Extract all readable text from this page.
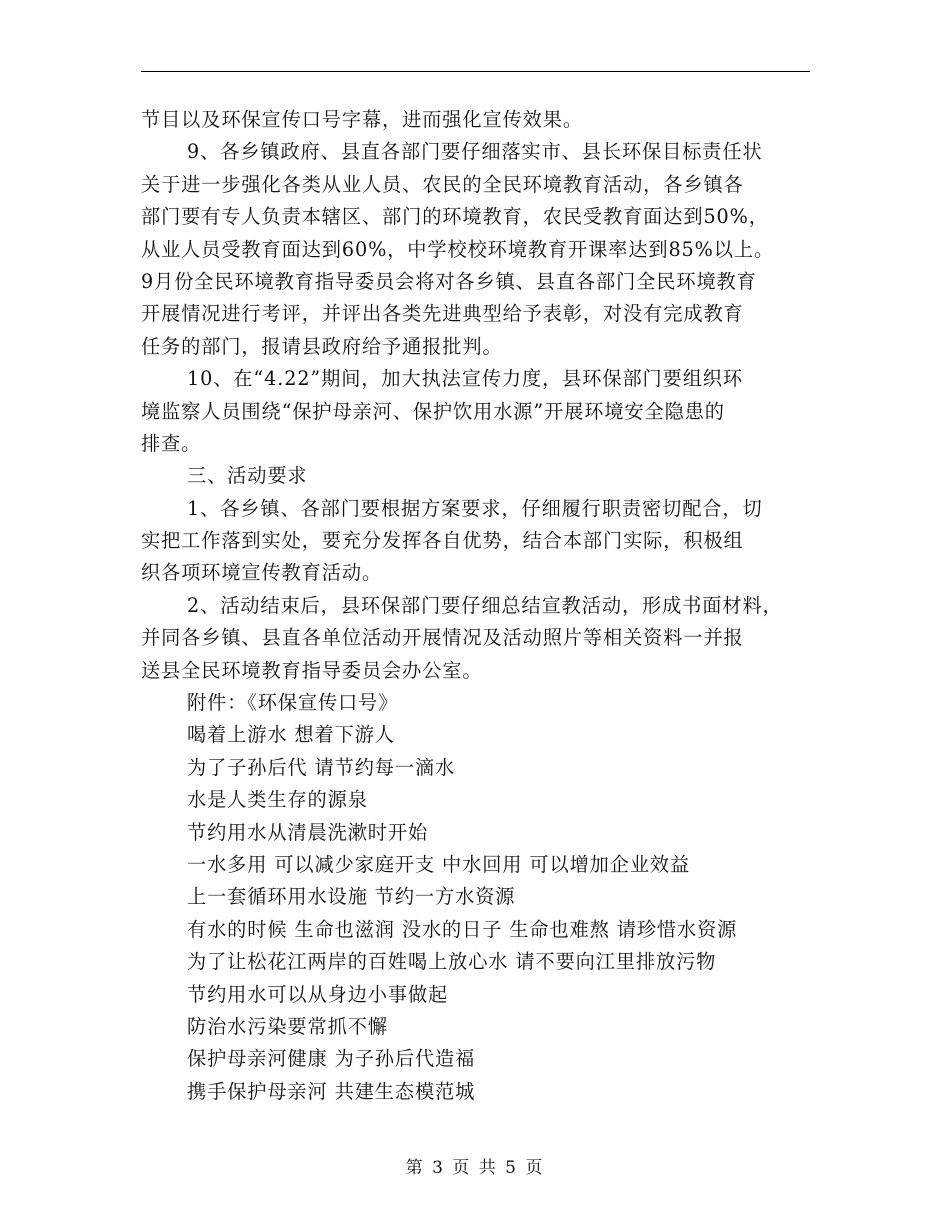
节目以及环保宣传口号字幕，进而强化宣传效果。
9、各乡镇政府、县直各部门要仔细落实市、县长环保目标责任状
关于进一步强化各类从业人员、农民的全民环境教育活动，各乡镇各
部门要有专人负责本辖区、部门的环境教育，农民受教育面达到50%，
从业人员受教育面达到60%，中学校校环境教育开课率达到85%以上。
9月份全民环境教育指导委员会将对各乡镇、县直各部门全民环境教育
开展情况进行考评，并评出各类先进典型给予表彰，对没有完成教育
任务的部门，报请县政府给予通报批判。
10、在“4.22”期间，加大执法宣传力度，县环保部门要组织环
境监察人员围绕“保护母亲河、保护饮用水源”开展环境安全隐患的
排查。
三、活动要求
1、各乡镇、各部门要根据方案要求，仔细履行职责密切配合，切
实把工作落到实处，要充分发挥各自优势，结合本部门实际，积极组
织各项环境宣传教育活动。
2、活动结束后，县环保部门要仔细总结宣教活动，形成书面材料，
并同各乡镇、县直各单位活动开展情况及活动照片等相关资料一并报
送县全民环境教育指导委员会办公室。
附件：《环保宣传口号》
喝着上游水 想着下游人
为了子孙后代 请节约每一滴水
水是人类生存的源泉
节约用水从清晨洗漱时开始
一水多用 可以减少家庭开支 中水回用 可以增加企业效益
上一套循环用水设施 节约一方水资源
有水的时候 生命也滋润 没水的日子 生命也难熬 请珍惜水资源
为了让松花江两岸的百姓喝上放心水 请不要向江里排放污物
节约用水可以从身边小事做起
防治水污染要常抓不懈
保护母亲河健康 为子孙后代造福
携手保护母亲河 共建生态模范城
第 3 页 共 5 页
